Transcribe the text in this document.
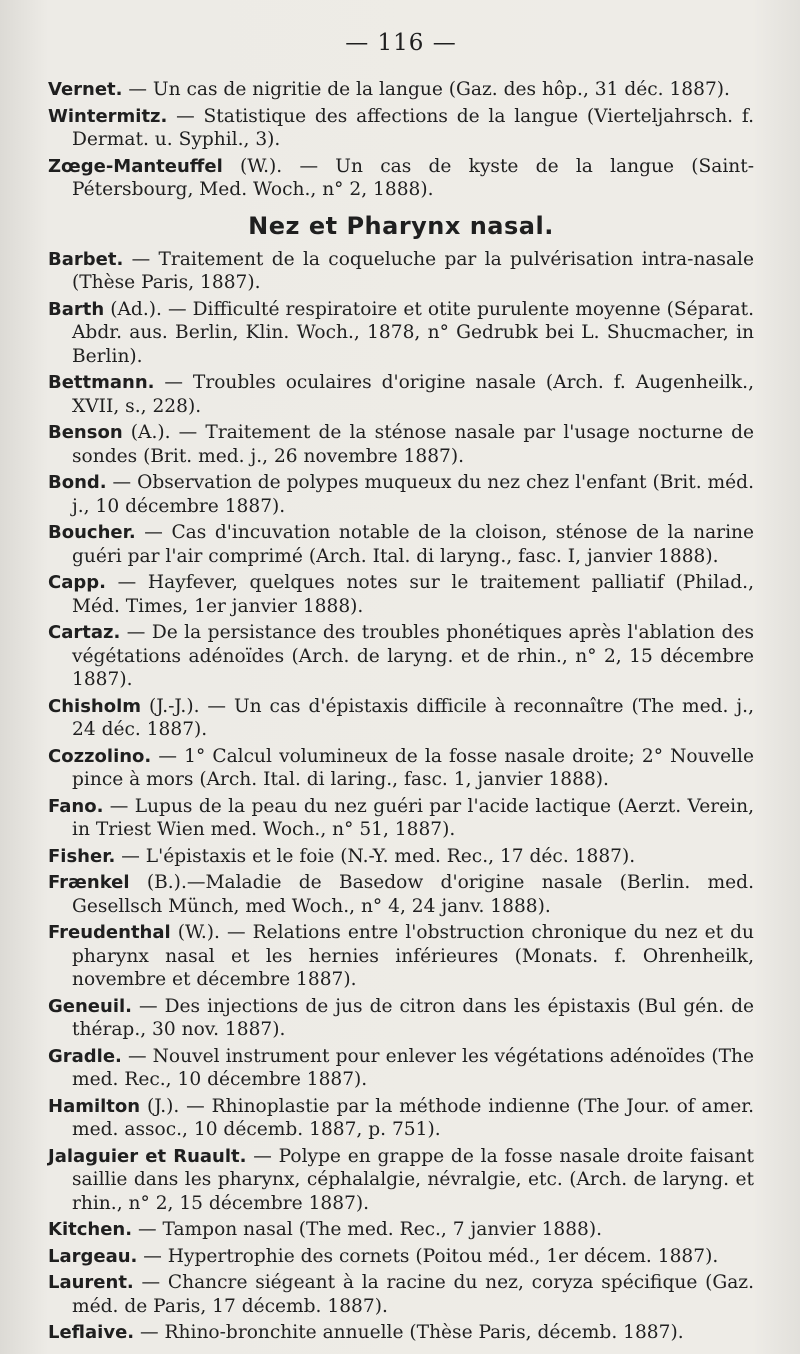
— 116 —
Vernet. — Un cas de nigritie de la langue (Gaz. des hôp., 31 déc. 1887).
Wintermitz. — Statistique des affections de la langue (Vierteljahrsch. f. Dermat. u. Syphil., 3).
Zœge-Manteuffel (W.). — Un cas de kyste de la langue (Saint-Pétersbourg, Med. Woch., n° 2, 1888).
Nez et Pharynx nasal.
Barbet. — Traitement de la coqueluche par la pulvérisation intra-nasale (Thèse Paris, 1887).
Barth (Ad.). — Difficulté respiratoire et otite purulente moyenne (Séparat. Abdr. aus. Berlin, Klin. Woch., 1878, n° Gedrubk bei L. Shucmacher, in Berlin).
Bettmann. — Troubles oculaires d'origine nasale (Arch. f. Augenheilk., XVII, s., 228).
Benson (A.). — Traitement de la sténose nasale par l'usage nocturne de sondes (Brit. med. j., 26 novembre 1887).
Bond. — Observation de polypes muqueux du nez chez l'enfant (Brit. méd. j., 10 décembre 1887).
Boucher. — Cas d'incuvation notable de la cloison, sténose de la narine guéri par l'air comprimé (Arch. Ital. di laryng., fasc. I, janvier 1888).
Capp. — Hayfever, quelques notes sur le traitement palliatif (Philad., Méd. Times, 1er janvier 1888).
Cartaz. — De la persistance des troubles phonétiques après l'ablation des végétations adénoïdes (Arch. de laryng. et de rhin., n° 2, 15 décembre 1887).
Chisholm (J.-J.). — Un cas d'épistaxis difficile à reconnaître (The med. j., 24 déc. 1887).
Cozzolino. — 1° Calcul volumineux de la fosse nasale droite; 2° Nouvelle pince à mors (Arch. Ital. di laring., fasc. 1, janvier 1888).
Fano. — Lupus de la peau du nez guéri par l'acide lactique (Aerzt. Verein, in Triest Wien med. Woch., n° 51, 1887).
Fisher. — L'épistaxis et le foie (N.-Y. med. Rec., 17 déc. 1887).
Frænkel (B.).—Maladie de Basedow d'origine nasale (Berlin. med. Gesellsch Münch, med Woch., n° 4, 24 janv. 1888).
Freudenthal (W.). — Relations entre l'obstruction chronique du nez et du pharynx nasal et les hernies inférieures (Monats. f. Ohrenheilk, novembre et décembre 1887).
Geneuil. — Des injections de jus de citron dans les épistaxis (Bul gén. de thérap., 30 nov. 1887).
Gradle. — Nouvel instrument pour enlever les végétations adénoïdes (The med. Rec., 10 décembre 1887).
Hamilton (J.). — Rhinoplastie par la méthode indienne (The Jour. of amer. med. assoc., 10 décemb. 1887, p. 751).
Jalaguier et Ruault. — Polype en grappe de la fosse nasale droite faisant saillie dans les pharynx, céphalalgie, névralgie, etc. (Arch. de laryng. et rhin., n° 2, 15 décembre 1887).
Kitchen. — Tampon nasal (The med. Rec., 7 janvier 1888).
Largeau. — Hypertrophie des cornets (Poitou méd., 1er décem. 1887).
Laurent. — Chancre siégeant à la racine du nez, coryza spécifique (Gaz. méd. de Paris, 17 décemb. 1887).
Leflaive. — Rhino-bronchite annuelle (Thèse Paris, décemb. 1887).
